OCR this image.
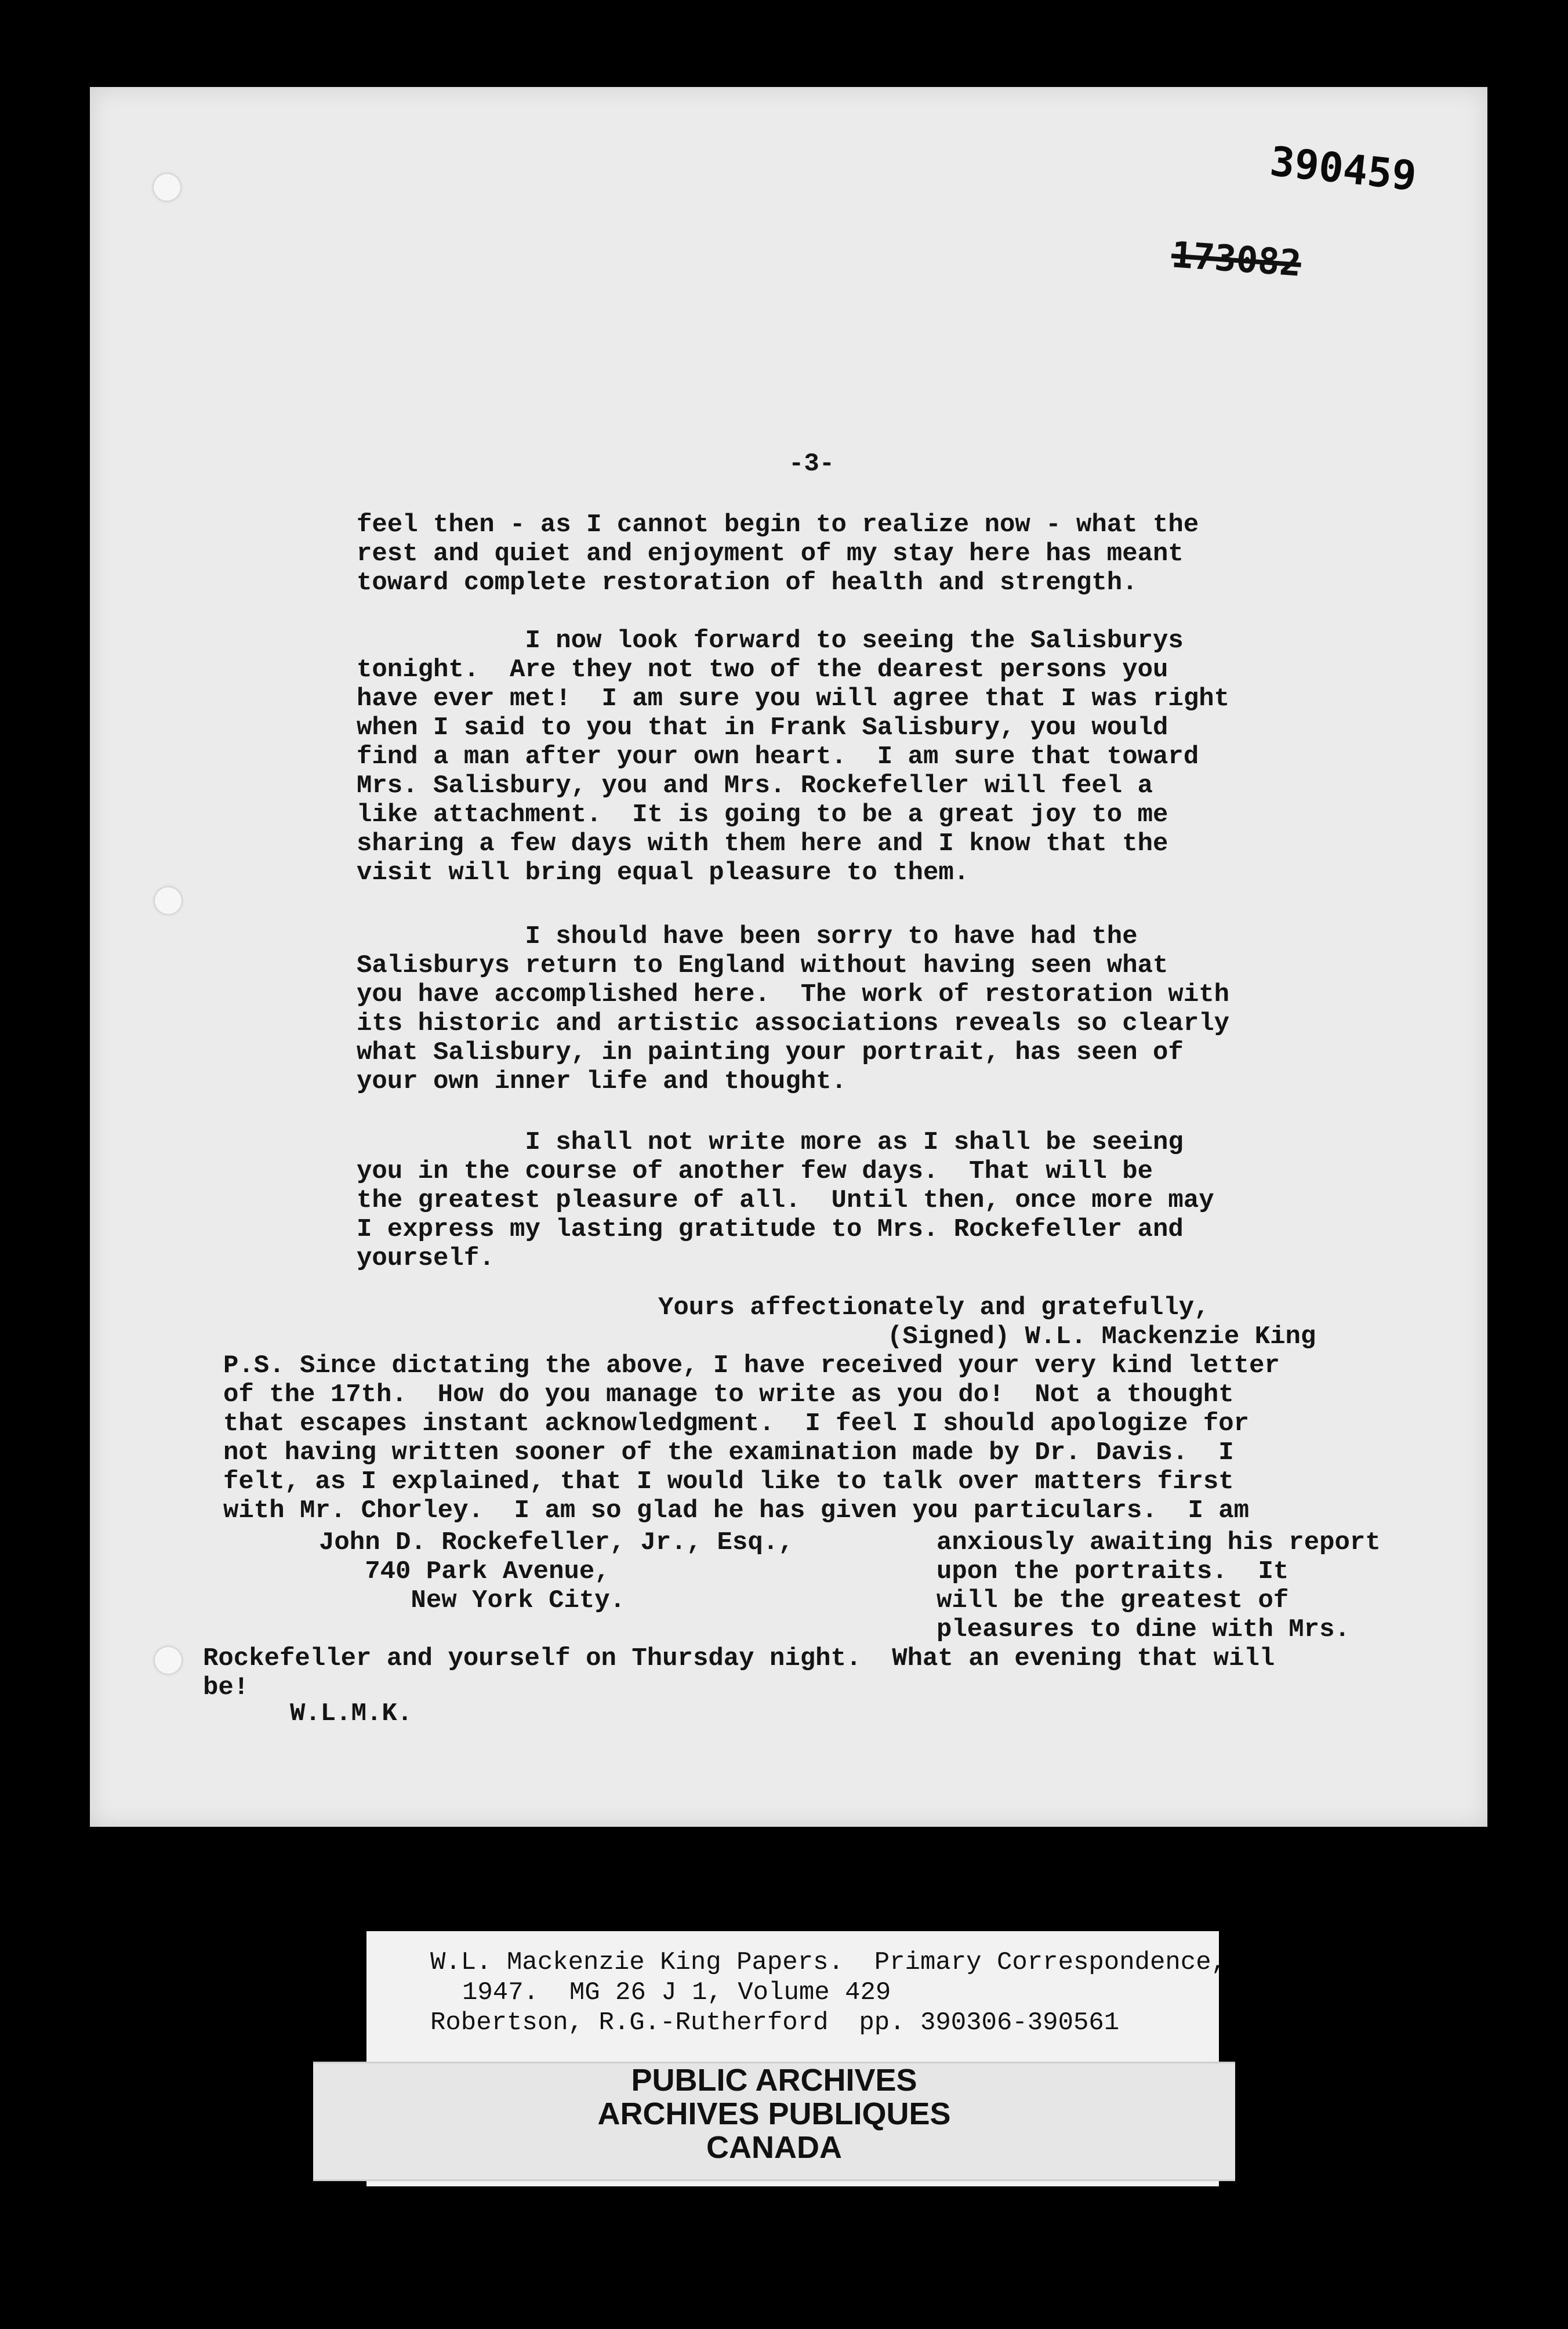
390459
173082

-3-

feel then - as I cannot begin to realize now - what the
rest and quiet and enjoyment of my stay here has meant
toward complete restoration of health and strength.

I now look forward to seeing the Salisburys
tonight.  Are they not two of the dearest persons you
have ever met!  I am sure you will agree that I was right
when I said to you that in Frank Salisbury, you would
find a man after your own heart.  I am sure that toward
Mrs. Salisbury, you and Mrs. Rockefeller will feel a
like attachment.  It is going to be a great joy to me
sharing a few days with them here and I know that the
visit will bring equal pleasure to them.

I should have been sorry to have had the
Salisburys return to England without having seen what
you have accomplished here.  The work of restoration with
its historic and artistic associations reveals so clearly
what Salisbury, in painting your portrait, has seen of
your own inner life and thought.

I shall not write more as I shall be seeing
you in the course of another few days.  That will be
the greatest pleasure of all.  Until then, once more may
I express my lasting gratitude to Mrs. Rockefeller and
yourself.

Yours affectionately and gratefully,

(Signed) W.L. Mackenzie King

P.S. Since dictating the above, I have received your very kind letter
of the 17th.  How do you manage to write as you do!  Not a thought
that escapes instant acknowledgment.  I feel I should apologize for
not having written sooner of the examination made by Dr. Davis.  I
felt, as I explained, that I would like to talk over matters first
with Mr. Chorley.  I am so glad he has given you particulars.  I am

John D. Rockefeller, Jr., Esq.,
740 Park Avenue,
New York City.

anxiously awaiting his report
upon the portraits.  It
will be the greatest of
pleasures to dine with Mrs.

Rockefeller and yourself on Thursday night.  What an evening that will
be!

W.L.M.K.

W.L. Mackenzie King Papers.  Primary Correspondence,
1947.  MG 26 J 1, Volume 429
Robertson, R.G.-Rutherford  pp. 390306-390561
PUBLIC ARCHIVES
ARCHIVES PUBLIQUES
CANADA
